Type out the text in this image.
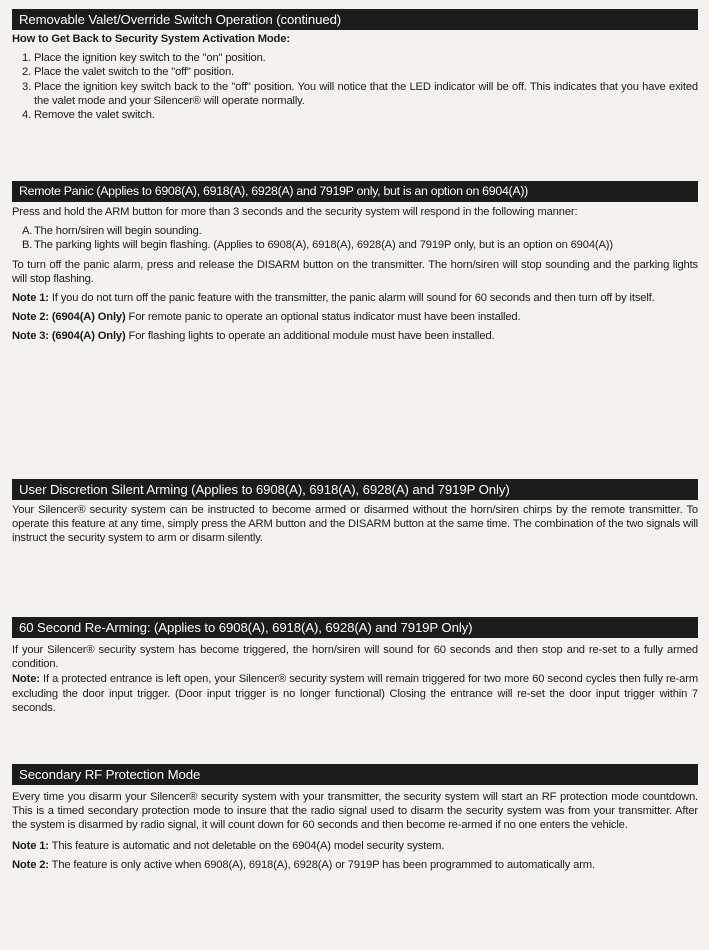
Removable Valet/Override Switch Operation (continued)
How to Get Back to Security System Activation Mode:
1. Place the ignition key switch to the "on" position.
2. Place the valet switch to the "off" position.
3. Place the ignition key switch back to the "off" position. You will notice that the LED indicator will be off. This indicates that you have exited the valet mode and your Silencer® will operate normally.
4. Remove the valet switch.
Remote Panic (Applies to 6908(A), 6918(A), 6928(A) and 7919P only, but is an option on 6904(A))

Press and hold the ARM button for more than 3 seconds and the security system will respond in the following manner:

A. The horn/siren will begin sounding.
B. The parking lights will begin flashing. (Applies to 6908(A), 6918(A), 6928(A) and 7919P only, but is an option on 6904(A))

To turn off the panic alarm, press and release the DISARM button on the transmitter. The horn/siren will stop sounding and the parking lights will stop flashing.

Note 1: If you do not turn off the panic feature with the transmitter, the panic alarm will sound for 60 seconds and then turn off by itself.

Note 2: (6904(A) Only) For remote panic to operate an optional status indicator must have been installed.

Note 3: (6904(A) Only) For flashing lights to operate an additional module must have been installed.

User Discretion Silent Arming (Applies to 6908(A), 6918(A), 6928(A) and 7919P Only)

Your Silencer® security system can be instructed to become armed or disarmed without the horn/siren chirps by the remote transmitter. To operate this feature at any time, simply press the ARM button and the DISARM button at the same time. The combination of the two signals will instruct the security system to arm or disarm silently.

60 Second Re-Arming: (Applies to 6908(A), 6918(A), 6928(A) and 7919P Only)

If your Silencer® security system has become triggered, the horn/siren will sound for 60 seconds and then stop and re-set to a fully armed condition.

Note: If a protected entrance is left open, your Silencer® security system will remain triggered for two more 60 second cycles then fully re-arm excluding the door input trigger. (Door input trigger is no longer functional) Closing the entrance will re-set the door input trigger within 7 seconds.

Secondary RF Protection Mode

Every time you disarm your Silencer® security system with your transmitter, the security system will start an RF protection mode countdown. This is a timed secondary protection mode to insure that the radio signal used to disarm the security system was from your transmitter. After the system is disarmed by radio signal, it will count down for 60 seconds and then become re-armed if no one enters the vehicle.

Note 1: This feature is automatic and not deletable on the 6904(A) model security system.

Note 2: The feature is only active when 6908(A), 6918(A), 6928(A) or 7919P has been programmed to automatically arm.
